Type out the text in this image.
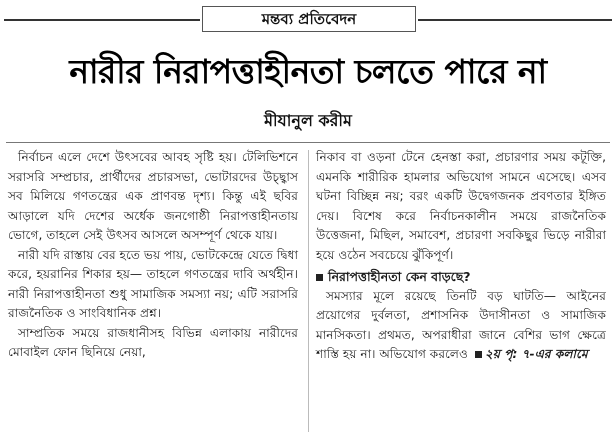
মন্তব্য প্রতিবেদন
নারীর নিরাপত্তাহীনতা চলতে পারে না
মীযানুল করীম

নির্বাচন এলে দেশে উৎসবের আবহ সৃষ্টি হয়। টেলিভিশনে সরাসরি সম্প্রচার, প্রার্থীদের প্রচারসভা, ভোটারদের উচ্ছ্বাস সব মিলিয়ে গণতন্ত্রের এক প্রাণবন্ত দৃশ্য। কিন্তু এই ছবির আড়ালে যদি দেশের অর্ধেক জনগোষ্ঠী নিরাপত্তাহীনতায় ভোগে, তাহলে সেই উৎসব আসলে অসম্পূর্ণ থেকে যায়।

নারী যদি রাস্তায় বের হতে ভয় পায়, ভোটকেন্দ্রে যেতে দ্বিধা করে, হয়রানির শিকার হয়— তাহলে গণতন্ত্রের দাবি অর্থহীন। নারী নিরাপত্তাহীনতা শুধু সামাজিক সমস্যা নয়; এটি সরাসরি রাজনৈতিক ও সাংবিধানিক প্রশ্ন।

সাম্প্রতিক সময়ে রাজধানীসহ বিভিন্ন এলাকায় নারীদের মোবাইল ফোন ছিনিয়ে নেয়া,

নিকাব বা ওড়না টেনে হেনস্তা করা, প্রচারণার সময় কটূক্তি, এমনকি শারীরিক হামলার অভিযোগ সামনে এসেছে। এসব ঘটনা বিচ্ছিন্ন নয়; বরং একটি উদ্বেগজনক প্রবণতার ইঙ্গিত দেয়। বিশেষ করে নির্বাচনকালীন সময়ে রাজনৈতিক উত্তেজনা, মিছিল, সমাবেশ, প্রচারণা সবকিছুর ভিড়ে নারীরা হয়ে ওঠেন সবচেয়ে ঝুঁকিপূর্ণ।

নিরাপত্তাহীনতা কেন বাড়ছে?

সমস্যার মূলে রয়েছে তিনটি বড় ঘাটতি— আইনের প্রয়োগের দুর্বলতা, প্রশাসনিক উদাসীনতা ও সামাজিক মানসিকতা। প্রথমত, অপরাধীরা জানে বেশির ভাগ ক্ষেত্রে শাস্তি হয় না। অভিযোগ করলেও ২য় পৃ: ৭-এর কলামে
